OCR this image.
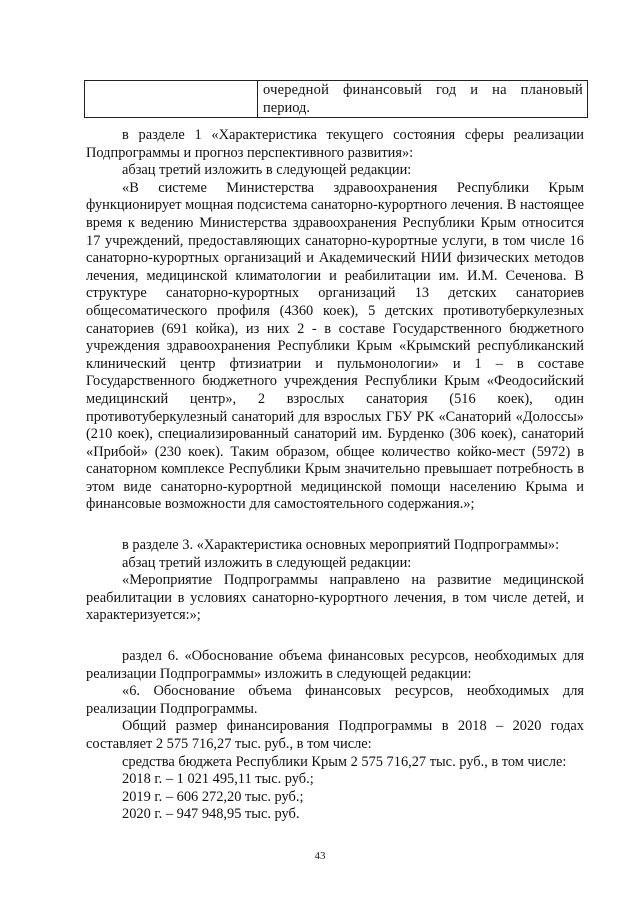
очередной финансовый год и на плановый
период.

в разделе 1 «Характеристика текущего состояния сферы реализации Подпрограммы и прогноз перспективного развития»:

абзац третий изложить в следующей редакции:

«В системе Министерства здравоохранения Республики Крым функционирует мощная подсистема санаторно-курортного лечения. В настоящее время к ведению Министерства здравоохранения Республики Крым относится 17 учреждений, предоставляющих санаторно-курортные услуги, в том числе 16 санаторно-курортных организаций и Академический НИИ физических методов лечения, медицинской климатологии и реабилитации им. И.М. Сеченова. В структуре санаторно-курортных организаций 13 детских санаториев общесоматического профиля (4360 коек), 5 детских противотуберкулезных санаториев (691 койка), из них 2 - в составе Государственного бюджетного учреждения здравоохранения Республики Крым «Крымский республиканский клинический центр фтизиатрии и пульмонологии» и 1 – в составе Государственного бюджетного учреждения Республики Крым «Феодосийский медицинский центр», 2 взрослых санатория (516 коек), один противотуберкулезный санаторий для взрослых ГБУ РК «Санаторий «Долоссы» (210 коек), специализированный санаторий им. Бурденко (306 коек), санаторий «Прибой» (230 коек). Таким образом, общее количество койко-мест (5972) в санаторном комплексе Республики Крым значительно превышает потребность в этом виде санаторно-курортной медицинской помощи населению Крыма и финансовые возможности для самостоятельного содержания.»;

в разделе 3. «Характеристика основных мероприятий Подпрограммы»:

абзац третий изложить в следующей редакции:

«Мероприятие Подпрограммы направлено на развитие медицинской реабилитации в условиях санаторно-курортного лечения, в том числе детей, и характеризуется:»;

раздел 6. «Обоснование объема финансовых ресурсов, необходимых для реализации Подпрограммы» изложить в следующей редакции:

«6. Обоснование объема финансовых ресурсов, необходимых для реализации Подпрограммы.

Общий размер финансирования Подпрограммы в 2018 – 2020 годах составляет 2 575 716,27 тыс. руб., в том числе:

средства бюджета Республики Крым 2 575 716,27 тыс. руб., в том числе:

2018 г. – 1 021 495,11 тыс. руб.;

2019 г. – 606 272,20 тыс. руб.;

2020 г. – 947 948,95 тыс. руб.

43
